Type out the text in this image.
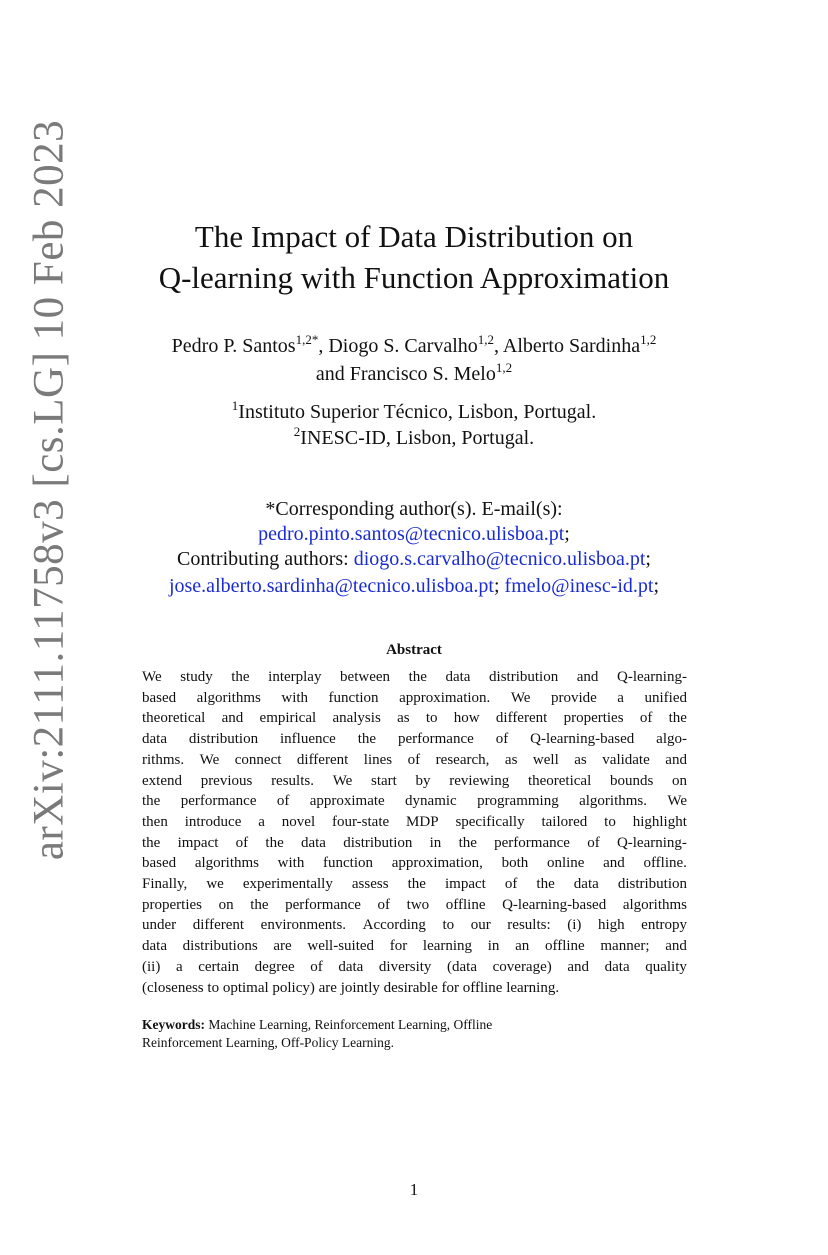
arXiv:2111.11758v3 [cs.LG] 10 Feb 2023	The Impact of Data Distribution on
Q-learning with Function Approximation
Pedro P. Santos$^{1,2*}$, Diogo S. Carvalho$^{1,2}$, Alberto Sardinha$^{1,2}$
and Francisco S. Melo$^{1,2}$
$^1$Instituto Superior Técnico, Lisbon, Portugal.
$^2$INESC-ID, Lisbon, Portugal.
*Corresponding author(s). E-mail(s):
pedro.pinto.santos@tecnico.ulisboa.pt;
Contributing authors: diogo.s.carvalho@tecnico.ulisboa.pt;
jose.alberto.sardinha@tecnico.ulisboa.pt; fmelo@inesc-id.pt;
Abstract
We study the interplay between the data distribution and Q-learning-
based algorithms with function approximation. We provide a unified
theoretical and empirical analysis as to how different properties of the
data distribution influence the performance of Q-learning-based algo-
rithms. We connect different lines of research, as well as validate and
extend previous results. We start by reviewing theoretical bounds on
the performance of approximate dynamic programming algorithms. We
then introduce a novel four-state MDP specifically tailored to highlight
the impact of the data distribution in the performance of Q-learning-
based algorithms with function approximation, both online and offline.
Finally, we experimentally assess the impact of the data distribution
properties on the performance of two offline Q-learning-based algorithms
under different environments. According to our results: (i) high entropy
data distributions are well-suited for learning in an offline manner; and
(ii) a certain degree of data diversity (data coverage) and data quality
(closeness to optimal policy) are jointly desirable for offline learning.
Keywords: Machine Learning, Reinforcement Learning, Offline
Reinforcement Learning, Off-Policy Learning.
1
